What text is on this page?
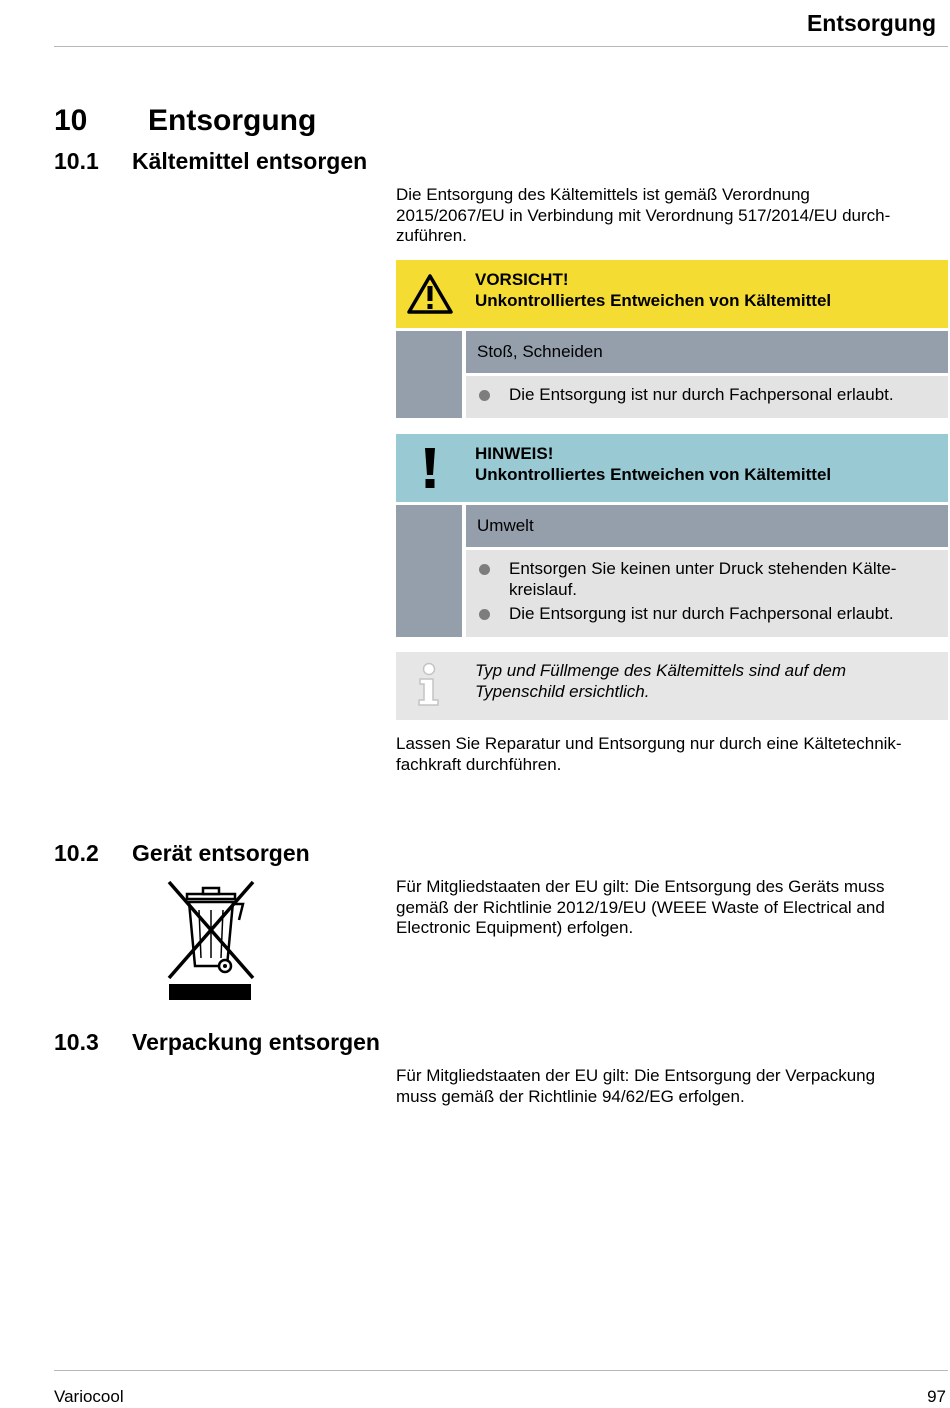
Entsorgung
10 Entsorgung
10.1 Kältemittel entsorgen
Die Entsorgung des Kältemittels ist gemäß Verordnung
2015/2067/EU in Verbindung mit Verordnung 517/2014/EU durch-
zuführen.
VORSICHT!
Unkontrolliertes Entweichen von Kältemittel
Stoß, Schneiden
Die Entsorgung ist nur durch Fachpersonal erlaubt.
HINWEIS!
Unkontrolliertes Entweichen von Kältemittel
Umwelt
Entsorgen Sie keinen unter Druck stehenden Kälte-
kreislauf.
Die Entsorgung ist nur durch Fachpersonal erlaubt.
Typ und Füllmenge des Kältemittels sind auf dem
Typenschild ersichtlich.
Lassen Sie Reparatur und Entsorgung nur durch eine Kältetechnik-
fachkraft durchführen.
10.2 Gerät entsorgen
Für Mitgliedstaaten der EU gilt: Die Entsorgung des Geräts muss
gemäß der Richtlinie 2012/19/EU (WEEE Waste of Electrical and
Electronic Equipment) erfolgen.
10.3 Verpackung entsorgen
Für Mitgliedstaaten der EU gilt: Die Entsorgung der Verpackung
muss gemäß der Richtlinie 94/62/EG erfolgen.
Variocool	97
